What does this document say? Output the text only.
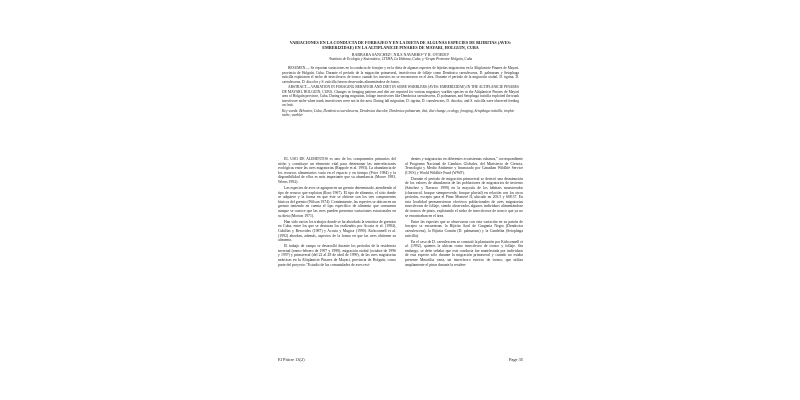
VARIACIONES EN LA CONDUCTA DE FORRAJEO Y EN LA DIETA DE ALGUNAS ESPECIES DE BIJIRITAS (AVES: EMBERIZIDAE) EN LA ALTIPLANICIE PINARES DE MAYARI, HOLGUIN, CUBA
BARBARA SANCHEZ¹, NILS NAVARRO² Y R. OVIEDO¹
¹Instituto de Ecología y Sistemática, CITMA, La Habana, Cuba; y ²Grupo Promotor Holguín, Cuba

RESUMEN.— Se reportan variaciones en la conducta de forrajeo y en la dieta de algunas especies de bijiritas migratorias en la Altiplanicie Pinares de Mayarí, provincia de Holguín, Cuba. Durante el período de la migración primaveral, insectívoros de follaje como Dendroica caerulescens, D. palmarum y Setophaga ruticilla explotaron el nicho de insectívoros de tronco cuando los insectos no se encontraron en el área. Durante el período de la migración otoñal, D. tigrina, D. caerulescens, D. discolor y S. ruticilla fueron observadas alimentándose de frutos.

ABSTRACT.—VARIATION IN FORAGING BEHAVIOR AND DIET IN SOME WARBLERS (AVES: EMBERIZIDAE) IN THE ALTIPLANICIE PINARES DE MAYARI, HOLGUIN, CUBA. Changes in foraging patterns and diet are reported for various migratory warbler species in the Altiplanicie Pinares de Mayarí area of Holguín province, Cuba. During spring migration, foliage insectivores like Dendroica caerulescens, D. palmarum, and Setophaga ruticilla exploited the trunk insectivore niche when trunk insectivores were not in the area. During fall migration, D. tigrina, D. caerulescens, D. discolor, and S. ruticilla were observed feeding on fruit.

Key words: Behavior, Cuba, Dendroica caerulescens, Dendroica discolor, Dendroica palmarum, diet, diet change, ecology, foraging, Setophaga ruticilla, trophic niche, warbler

EL USO DE ALIMENTOS es uno de los componentes primarios del nicho y constituye un elemento vital para determinar las interrelaciones ecológicas entre las aves migratorias (Rappole et al. 1993). La abundancia de los recursos alimentarios varía en el espacio y en tiempo (Price 1984) y la disponibilidad de ellos es más importante que su abundancia (Moore 1983, Wiens 1992).

Las especies de aves se agrupan en un gremio determinado, atendiendo al tipo de recurso que explotan (Root 1967). El tipo de alimento, el sitio donde se adquiere y la forma en que éste se obtiene son los tres componentes básicos del gremio (Wilson 1974). Comúnmente, las especies se ubican en un gremio teniendo en cuenta el tipo específico de alimento que consumen aunque se conoce que las aves pueden presentar variaciones estacionales en su dieta (Morton 1971).

Han sido varios los trabajos donde se ha abordado la temática de gremios en Cuba, entre los que se destacan los realizados por Acosta et al. (1984), Cubillas y Berovides (1987) y Acosta y Mugica (1990). Kirkconnell et al. (1992) abordan, además, aspectos de la forma en que las aves obtienen su alimento.

El trabajo de campo se desarrolló durante los períodos de la residencia invernal (enero-febrero de 1997 y 1998), migración otoñal (octubre de 1996 y 1997) y primaveral (del 22 al 28 de abril de 1999), de las aves migratorias neárticas en la Altiplanicie Pinares de Mayarí, provincia de Holguín, como parte del proyecto "Estudio de las comunidades de aves resi-

dentes y migratorias en diferentes ecosistemas cubanos," correspondiente al Programa Nacional de Cambios Globales, del Ministerio de Ciencia, Tecnología y Medio Ambiente y financiado por Canadian Wildlife Service (CWS) y World Wildlife Fund (WWF).

Durante el período de migración primaveral se detectó una disminución de los valores de abundancia de las poblaciones de migratorios de invierno (Sánchez y Navarro 1999) en la mayoría de los hábitats muestreados (charrascal, bosque siempreverde, bosque pluvial) en relación con los otros períodos, excepto para el Pinar Monteré II, ubicado en 203.5 y 608.37. En esta localidad permanecieron efectivos poblacionales de aves migratorias insectívoras de follaje, siendo observados algunos individuos alimentándose de troncos de pinos, explotando el nicho de insectívoros de tronco que ya no se encontraban en el área.

Entre las especies que se observaron con esta variación en su patrón de forrajeo se encuentran: la Bijirita Azul de Garganta Negra (Dendroica caerulescens), la Bijirita Común (D. palmarum) y la Candelita (Setophaga ruticilla).

En el caso de D. caerulescens se constató la plantación por Kirkconnell et al. (1992), quienes la ubican como insectívoro de tronco y follaje. Sin embargo, se debe señalar que este conducta fue manifestada por individuos de esta especie sólo durante la migración primaveral y cuando no estaba presente Mniotilta varia, un insectívoro estricto de tronco, que utiliza ampliamente el pinar durante la residen-

El Pitirre 13(2)	Page 35
